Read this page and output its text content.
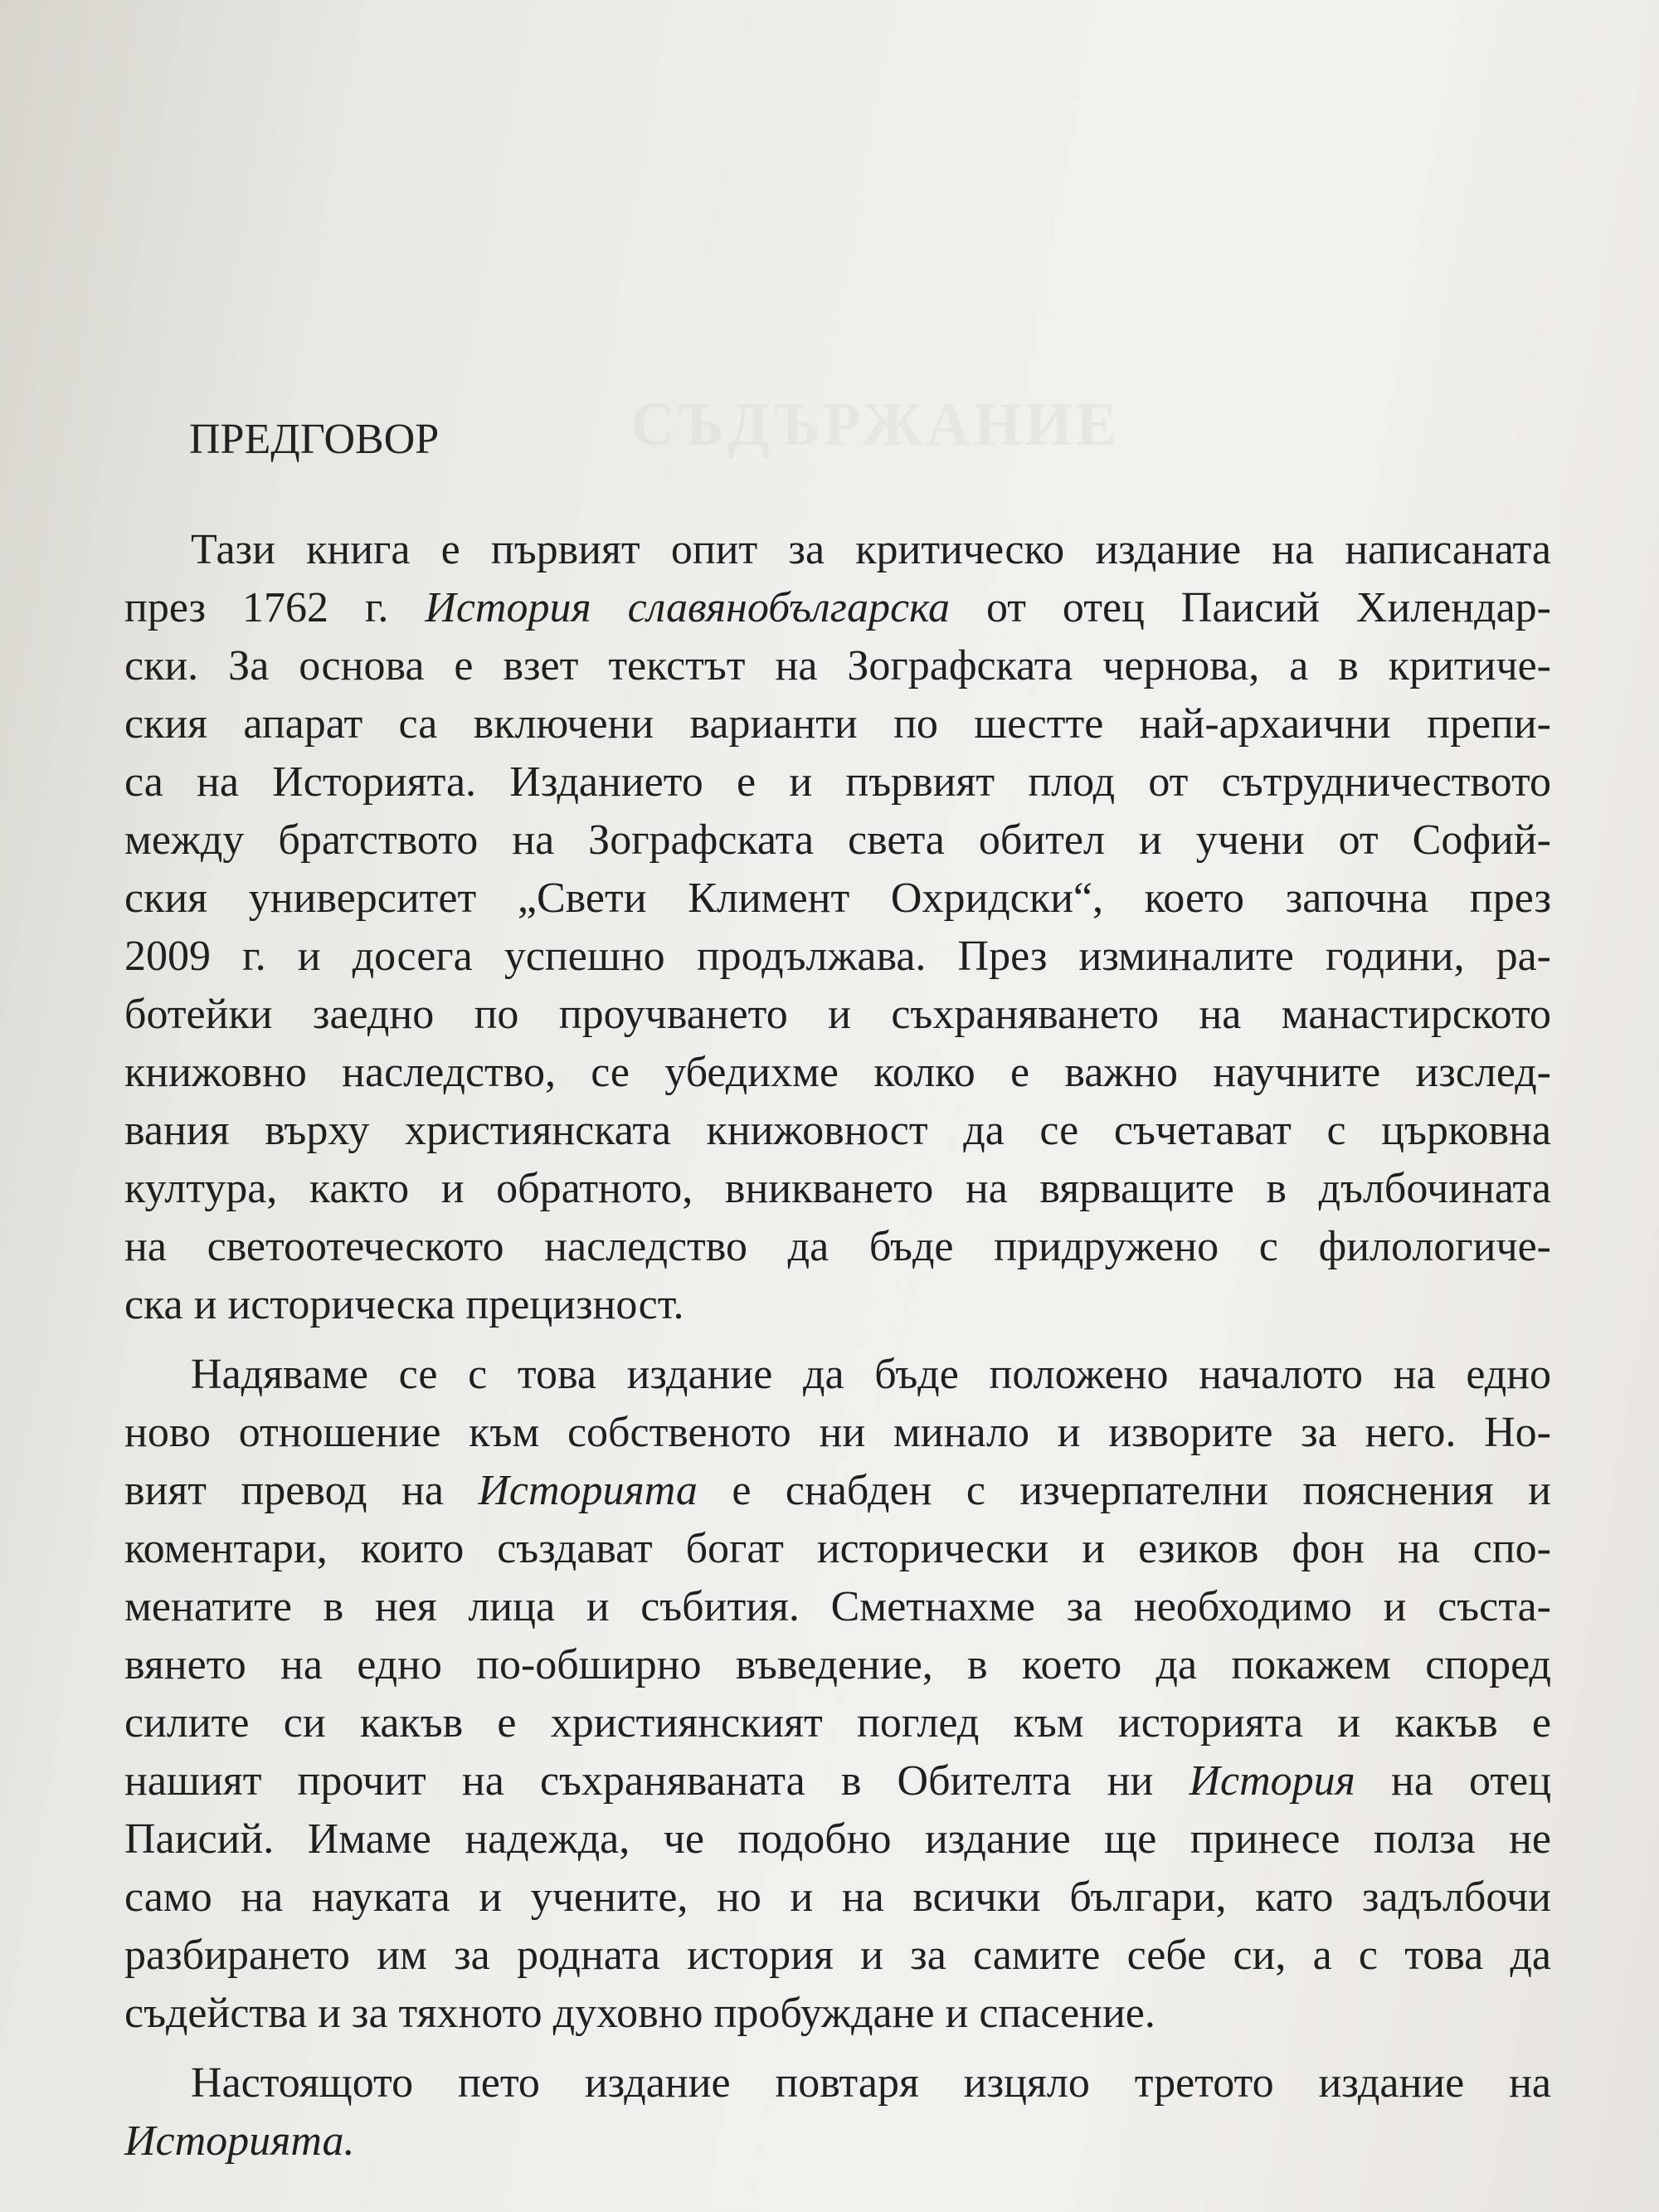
СЪДЪРЖАНИЕ
ПРЕДГОВОР
Тази книга е първият опит за критическо издание на написаната
през 1762 г. История славянобългарска от отец Паисий Хилендар-
ски. За основа е взет текстът на Зографската чернова, а в критиче-
ския апарат са включени варианти по шестте най-архаични препи-
са на Историята. Изданието е и първият плод от сътрудничеството
между братството на Зографската света обител и учени от Софий-
ския университет „Свети Климент Охридски“, което започна през
2009 г. и досега успешно продължава. През изминалите години, ра-
ботейки заедно по проучването и съхраняването на манастирското
книжовно наследство, се убедихме колко е важно научните изслед-
вания върху християнската книжовност да се съчетават с църковна
култура, както и обратното, вникването на вярващите в дълбочината
на светоотеческото наследство да бъде придружено с филологиче-
ска и историческа прецизност.
Надяваме се с това издание да бъде положено началото на едно
ново отношение към собственото ни минало и изворите за него. Но-
вият превод на Историята е снабден с изчерпателни пояснения и
коментари, които създават богат исторически и езиков фон на спо-
менатите в нея лица и събития. Сметнахме за необходимо и съста-
вянето на едно по-обширно въведение, в което да покажем според
силите си какъв е християнският поглед към историята и какъв е
нашият прочит на съхраняваната в Обителта ни История на отец
Паисий. Имаме надежда, че подобно издание ще принесе полза не
само на науката и учените, но и на всички българи, като задълбочи
разбирането им за родната история и за самите себе си, а с това да
съдейства и за тяхното духовно пробуждане и спасение.
Настоящото пето издание повтаря изцяло третото издание на
Историята.
